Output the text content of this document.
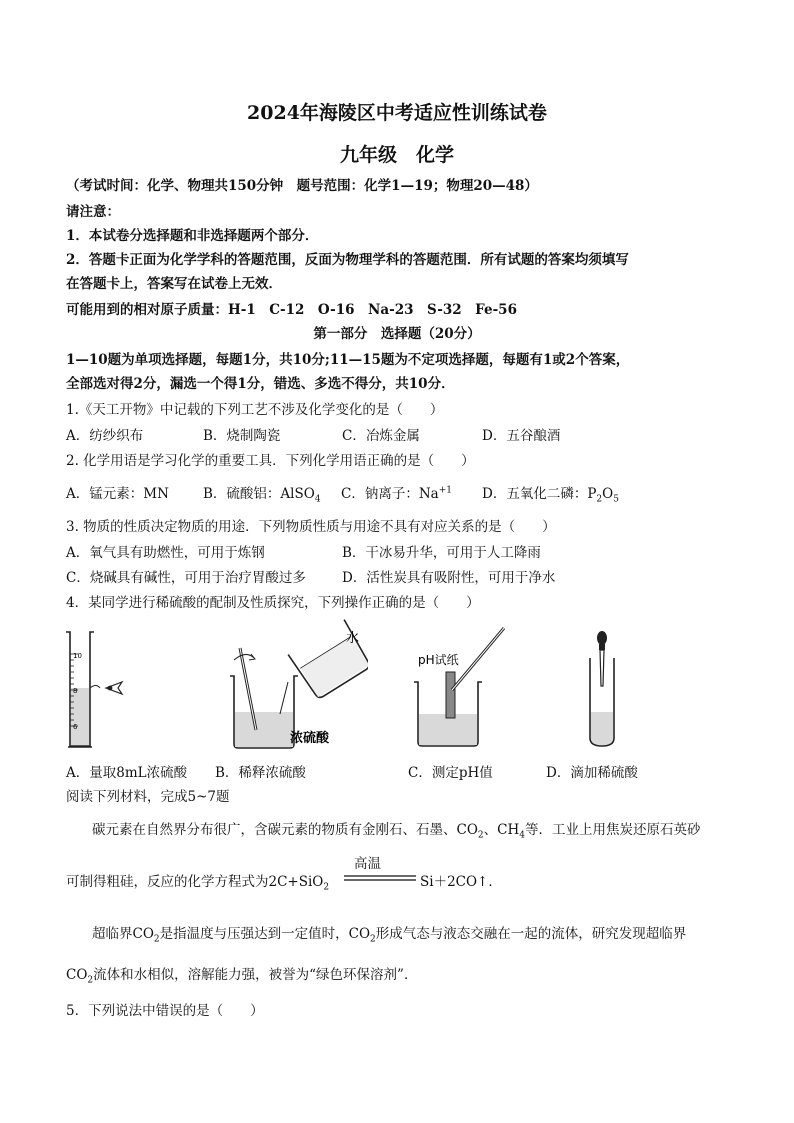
2024年海陵区中考适应性训练试卷
九年级　化学
（考试时间：化学、物理共150分钟　题号范围：化学1—19；物理20—48）
请注意：
1．本试卷分选择题和非选择题两个部分．
2．答题卡正面为化学学科的答题范围，反面为物理学科的答题范围．所有试题的答案均须填写
在答题卡上，答案写在试卷上无效．
可能用到的相对原子质量：H-1　C-12　O-16　Na-23　S-32　Fe-56
第一部分　选择题（20分）
1—10题为单项选择题，每题1分，共10分;11—15题为不定项选择题，每题有1或2个答案，
全部选对得2分，漏选一个得1分，错选、多选不得分，共10分．
1.《天工开物》中记载的下列工艺不涉及化学变化的是（　　）
A．纺纱织布	B．烧制陶瓷	C．冶炼金属	D．五谷酿酒
2. 化学用语是学习化学的重要工具．下列化学用语正确的是（　　）
A．锰元素：MN	B．硫酸铝：AlSO$_4$ C．钠离子：$Na^{+1}$ D．五氧化二磷：$P_2O_5$
3. 物质的性质决定物质的用途．下列物质性质与用途不具有对应关系的是（　　）
A．氧气具有助燃性，可用于炼钢	B．干冰易升华，可用于人工降雨
C．烧碱具有碱性，可用于治疗胃酸过多	D．活性炭具有吸附性，可用于净水
4．某同学进行稀硫酸的配制及性质探究，下列操作正确的是（　　）
10
8
6
水
浓硫酸
pH试纸
A．量取8mL浓硫酸 B．稀释浓硫酸	C．测定pH值	D．滴加稀硫酸
阅读下列材料，完成5~7题
碳元素在自然界分布很广，含碳元素的物质有金刚石、石墨、$CO_2$、$CH_4$等．工业上用焦炭还原石英砂
高温
可制得粗硅，反应的化学方程式为2C+SiO$_2$	Si＋2CO↑．
超临界$CO_2$是指温度与压强达到一定值时，$CO_2$形成气态与液态交融在一起的流体，研究发现超临界
$CO_2$流体和水相似，溶解能力强，被誉为“绿色环保溶剂”．
5．下列说法中错误的是（　　）
